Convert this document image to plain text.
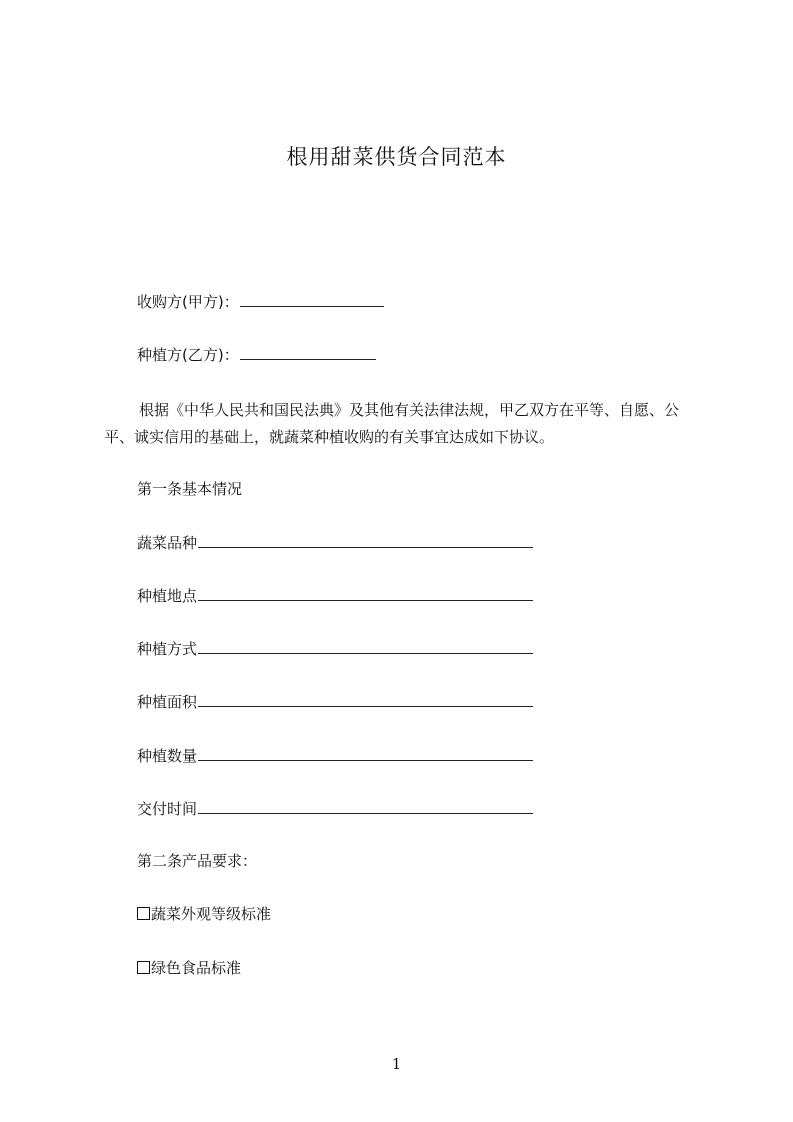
根用甜菜供货合同范本
收购方(甲方)：
种植方(乙方)：
根据《中华人民共和国民法典》及其他有关法律法规，甲乙双方在平等、自愿、公平、诚实信用的基础上，就蔬菜种植收购的有关事宜达成如下协议。
第一条基本情况
蔬菜品种
种植地点
种植方式
种植面积
种植数量
交付时间
第二条产品要求：
蔬菜外观等级标准
绿色食品标准
1
